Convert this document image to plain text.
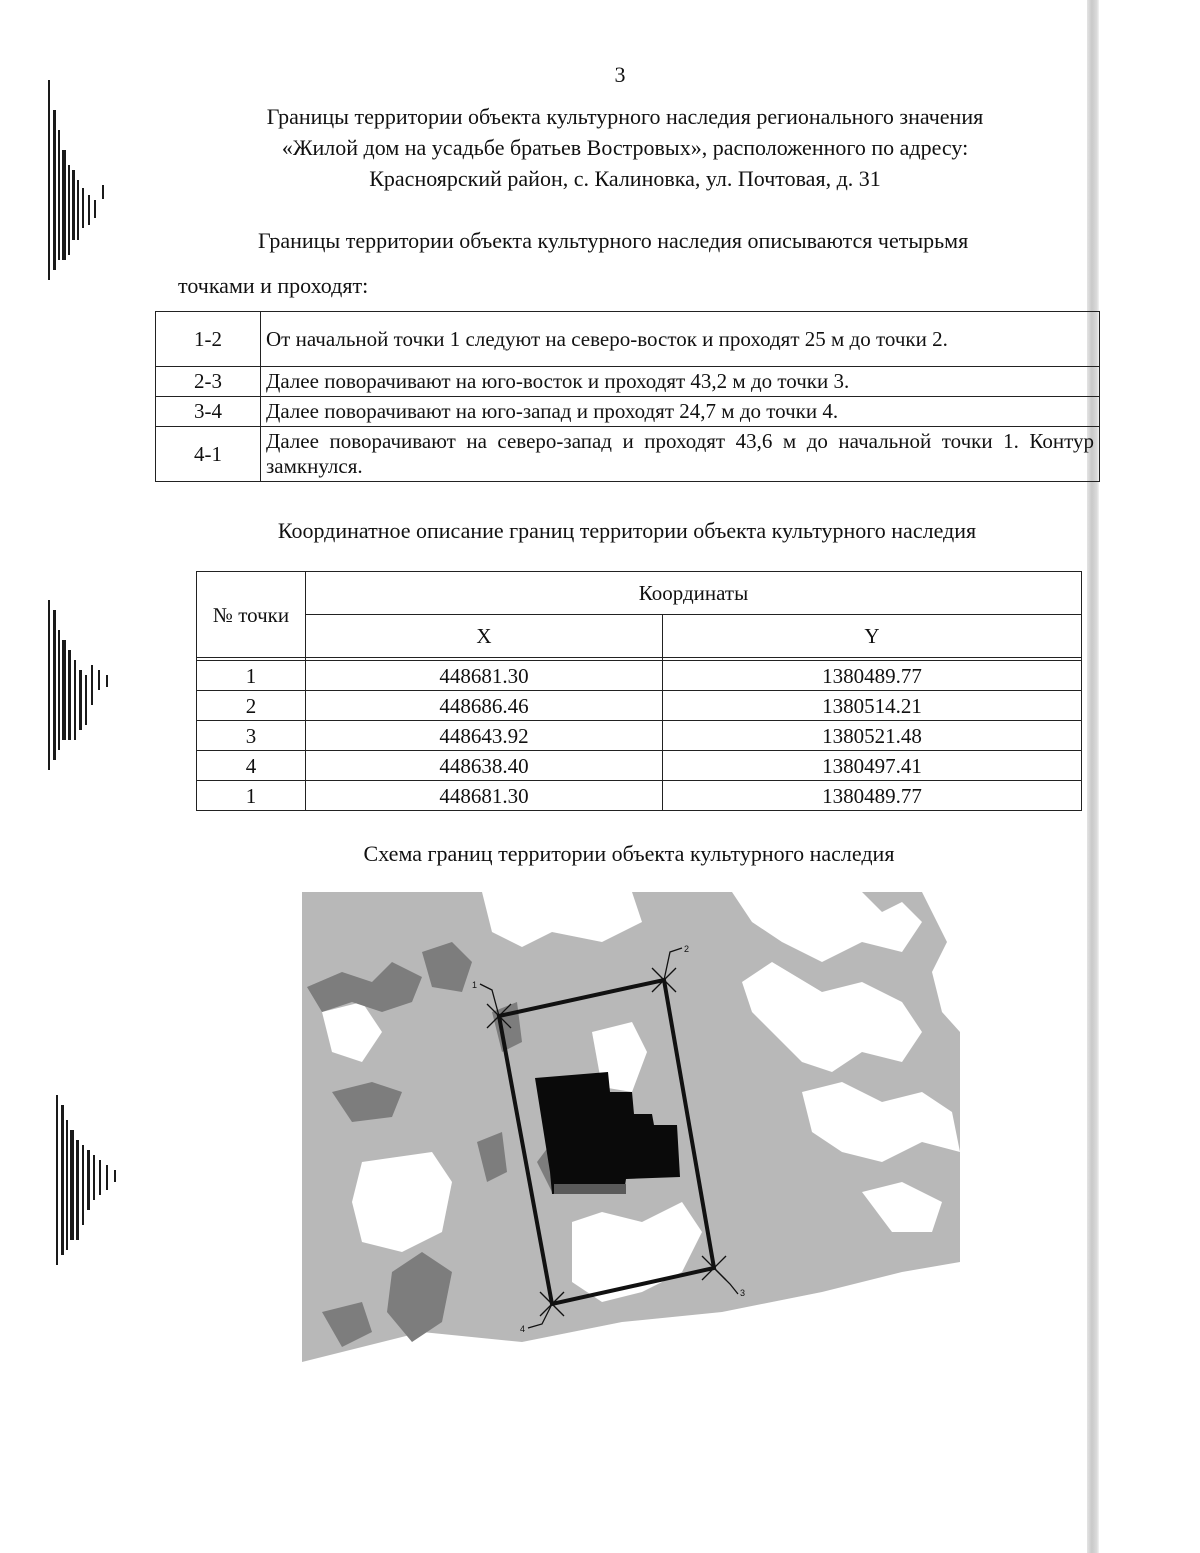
3
Границы территории объекта культурного наследия регионального значения
«Жилой дом на усадьбе братьев Востровых», расположенного по адресу:
Красноярский район, с. Калиновка, ул. Почтовая, д. 31
Границы территории объекта культурного наследия описываются четырьмя
точками и проходят:
1-2	От начальной точки 1 следуют на северо-восток и проходят 25 м до точки 2.
2-3	Далее поворачивают на юго-восток и проходят 43,2 м до точки 3.
3-4	Далее поворачивают на юго-запад и проходят 24,7 м до точки 4.
4-1	Далее поворачивают на северо-запад и проходят 43,6 м до начальной точки 1. Контур замкнулся.
Координатное описание границ территории объекта культурного наследия
№ точки	Координаты	
	X	Y

1	448681.30	1380489.77
2	448686.46	1380514.21
3	448643.92	1380521.48
4	448638.40	1380497.41
1	448681.30	1380489.77
Схема границ территории объекта культурного наследия
1
2
3
4
